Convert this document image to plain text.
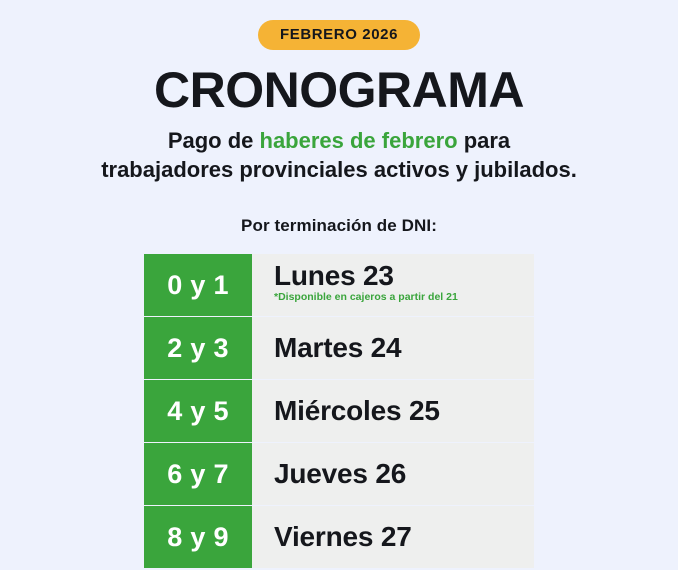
FEBRERO 2026
CRONOGRAMA
Pago de haberes de febrero para
trabajadores provinciales activos y jubilados.
Por terminación de DNI:
0 y 1	Lunes 23
*Disponible en cajeros a partir del 21
2 y 3	Martes 24
4 y 5	Miércoles 25
6 y 7	Jueves 26
8 y 9	Viernes 27
